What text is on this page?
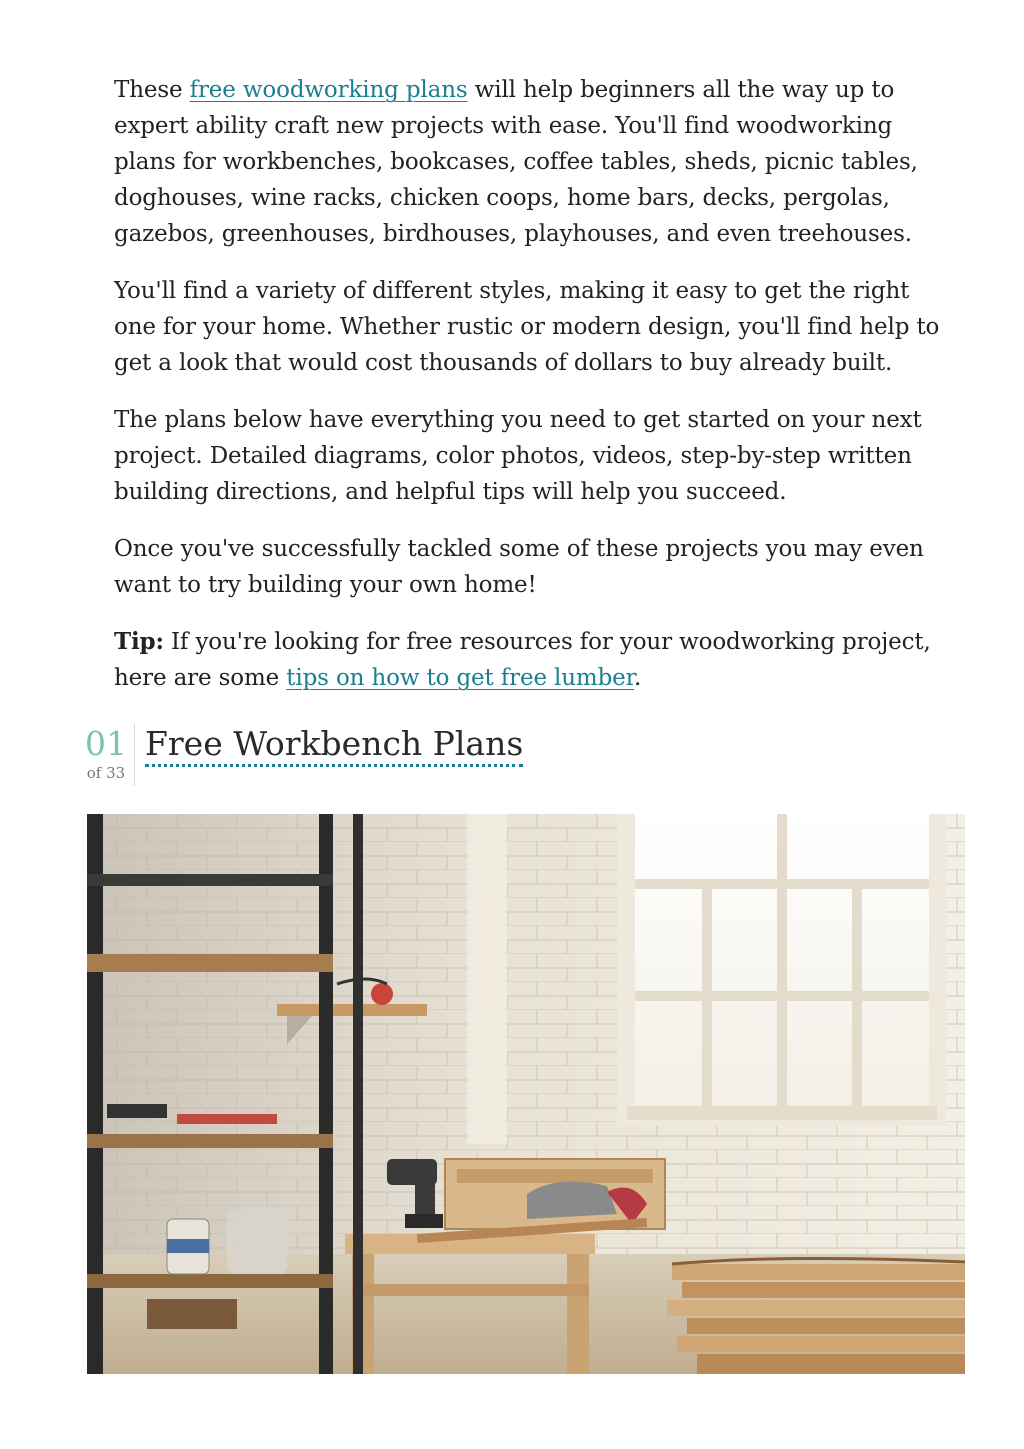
These free woodworking plans will help beginners all the way up to expert ability craft new projects with ease. You'll find woodworking plans for workbenches, bookcases, coffee tables, sheds, picnic tables, doghouses, wine racks, chicken coops, home bars, decks, pergolas, gazebos, greenhouses, birdhouses, playhouses, and even treehouses.

You'll find a variety of different styles, making it easy to get the right one for your home. Whether rustic or modern design, you'll find help to get a look that would cost thousands of dollars to buy already built.

The plans below have everything you need to get started on your next project. Detailed diagrams, color photos, videos, step-by-step written building directions, and helpful tips will help you succeed.

Once you've successfully tackled some of these projects you may even want to try building your own home!

Tip: If you're looking for free resources for your woodworking project, here are some tips on how to get free lumber.

01
of 33
Free Workbench Plans
